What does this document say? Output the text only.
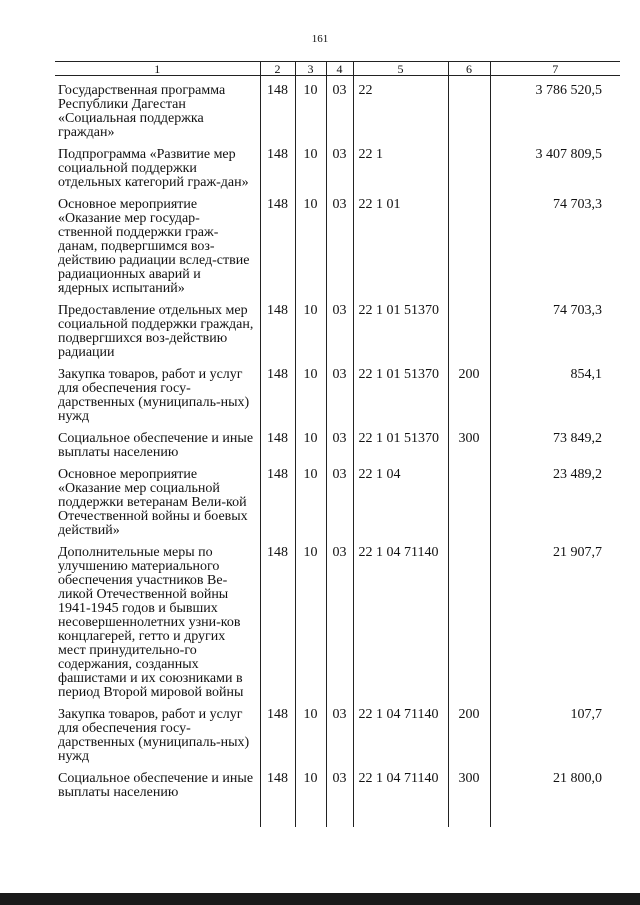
161
1	2	3	4	5	6	7
Государственная программа Республики Дагестан «Социальная поддержка граждан»	148	10	03	22		3 786 520,5
Подпрограмма «Развитие мер социальной поддержки отдельных категорий граж-дан»	148	10	03	22 1		3 407 809,5
Основное мероприятие «Оказание мер государ-ственной поддержки граж-данам, подвергшимся воз-действию радиации вслед-ствие радиационных аварий и ядерных испытаний»	148	10	03	22 1 01		74 703,3
Предоставление отдельных мер социальной поддержки граждан, подвергшихся воз-действию радиации	148	10	03	22 1 01 51370		74 703,3
Закупка товаров, работ и услуг для обеспечения госу-дарственных (муниципаль-ных) нужд	148	10	03	22 1 01 51370	200	854,1
Социальное обеспечение и иные выплаты населению	148	10	03	22 1 01 51370	300	73 849,2
Основное мероприятие «Оказание мер социальной поддержки ветеранам Вели-кой Отечественной войны и боевых действий»	148	10	03	22 1 04		23 489,2
Дополнительные меры по улучшению материального обеспечения участников Ве-ликой Отечественной войны 1941-1945 годов и бывших несовершеннолетних узни-ков концлагерей, гетто и других мест принудительно-го содержания, созданных фашистами и их союзниками в период Второй мировой войны	148	10	03	22 1 04 71140		21 907,7
Закупка товаров, работ и услуг для обеспечения госу-дарственных (муниципаль-ных) нужд	148	10	03	22 1 04 71140	200	107,7
Социальное обеспечение и иные выплаты населению	148	10	03	22 1 04 71140	300	21 800,0
